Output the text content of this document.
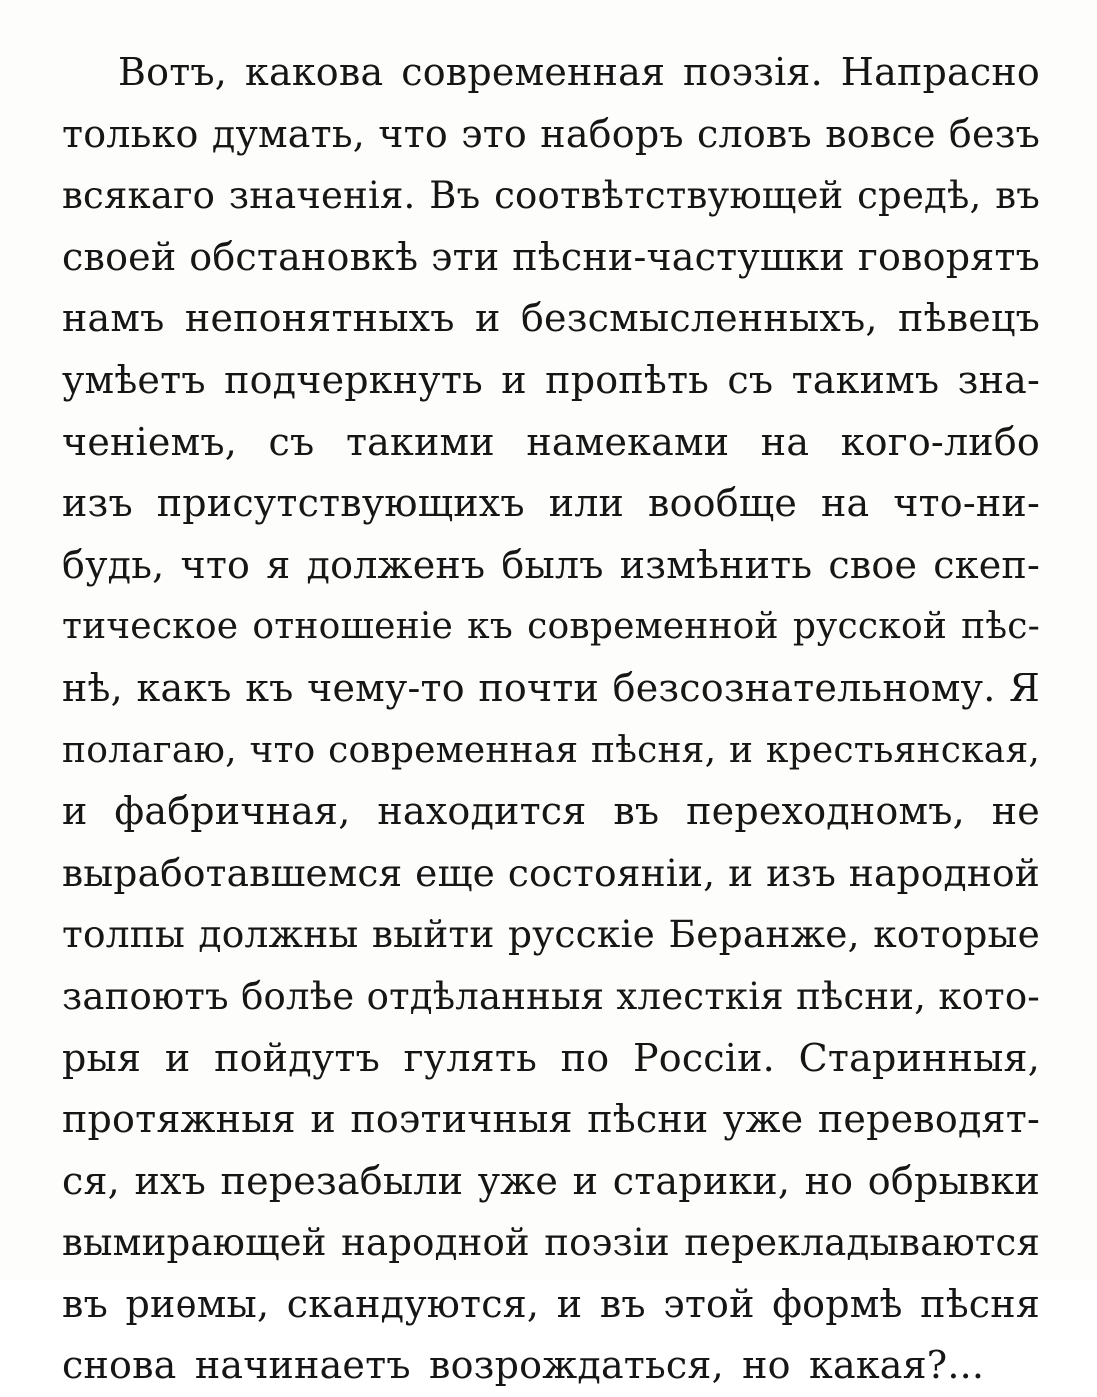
Вотъ, какова современная поэзія. Напрасно
только думать, что это наборъ словъ вовсе безъ
всякаго значенія. Въ соотвѣтствующей средѣ, въ
своей обстановкѣ эти пѣсни-частушки говорятъ
намъ непонятныхъ и безсмысленныхъ, пѣвецъ
умѣетъ подчеркнуть и пропѣть съ такимъ зна-
ченіемъ, съ такими намеками на кого-либо
изъ присутствующихъ или вообще на что-ни-
будь, что я долженъ былъ измѣнить свое скеп-
тическое отношеніе къ современной русской пѣс-
нѣ, какъ къ чему-то почти безсознательному. Я
полагаю, что современная пѣсня, и крестьянская,
и фабричная, находится въ переходномъ, не
выработавшемся еще состояніи, и изъ народной
толпы должны выйти русскіе Беранже, которые
запоютъ болѣе отдѣланныя хлесткія пѣсни, кото-
рыя и пойдутъ гулять по Россіи. Старинныя,
протяжныя и поэтичныя пѣсни уже переводят-
ся, ихъ перезабыли уже и старики, но обрывки
вымирающей народной поэзіи перекладываются
въ риѳмы, скандуются, и въ этой формѣ пѣсня
снова начинаетъ возрождаться, но какая?...
